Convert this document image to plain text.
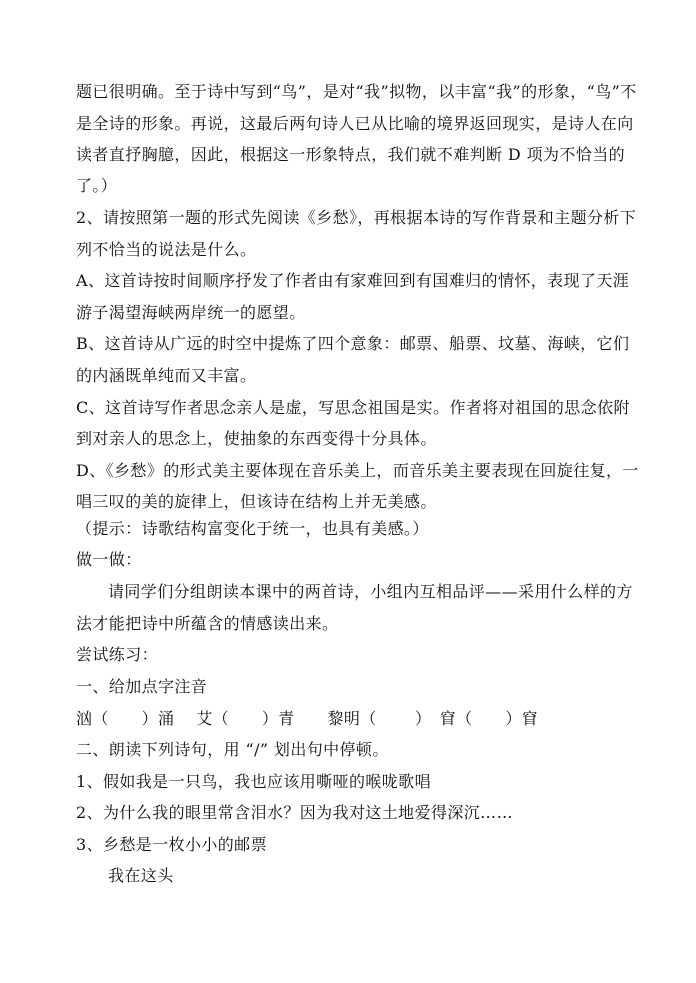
题已很明确。至于诗中写到“鸟”，是对“我”拟物，以丰富“我”的形象，“鸟”不
是全诗的形象。再说，这最后两句诗人已从比喻的境界返回现实，是诗人在向
读者直抒胸臆，因此，根据这一形象特点，我们就不难判断 D 项为不恰当的
了。）
2、请按照第一题的形式先阅读《乡愁》，再根据本诗的写作背景和主题分析下
列不恰当的说法是什么。
A、这首诗按时间顺序抒发了作者由有家难回到有国难归的情怀，表现了天涯
游子渴望海峡两岸统一的愿望。
B、这首诗从广远的时空中提炼了四个意象：邮票、船票、坟墓、海峡，它们
的内涵既单纯而又丰富。
C、这首诗写作者思念亲人是虚，写思念祖国是实。作者将对祖国的思念依附
到对亲人的思念上，使抽象的东西变得十分具体。
D、《乡愁》的形式美主要体现在音乐美上，而音乐美主要表现在回旋往复，一
唱三叹的美的旋律上，但该诗在结构上并无美感。
（提示：诗歌结构富变化于统一，也具有美感。）
做一做：
请同学们分组朗读本课中的两首诗，小组内互相品评——采用什么样的方
法才能把诗中所蕴含的情感读出来。
尝试练习：
一、给加点字注音
汹（　　）涌　 艾（　　）青　　黎明（　　 ）　窅（　　）窅
二、朗读下列诗句，用 “/” 划出句中停顿。
1、假如我是一只鸟，我也应该用嘶哑的喉咙歌唱
2、为什么我的眼里常含泪水？因为我对这土地爱得深沉……
3、乡愁是一枚小小的邮票
我在这头
